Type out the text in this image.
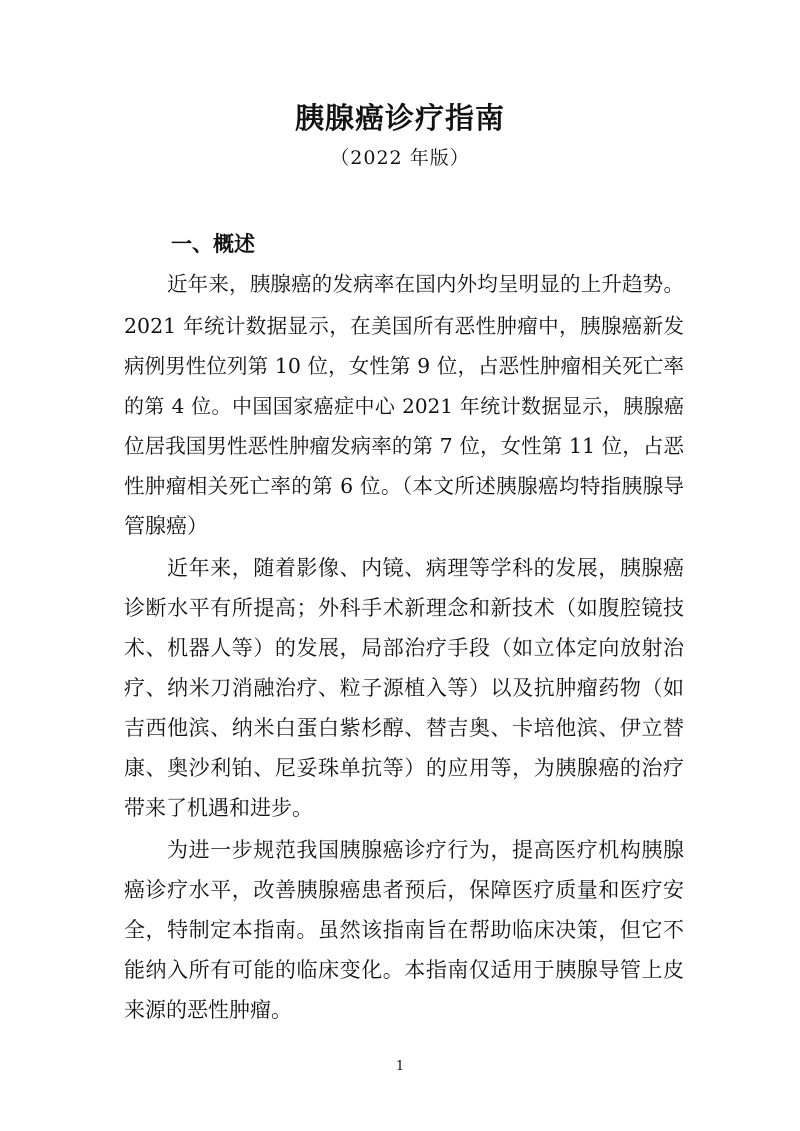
胰腺癌诊疗指南
（2022 年版）
一、概述
近年来，胰腺癌的发病率在国内外均呈明显的上升趋势。
2021 年统计数据显示，在美国所有恶性肿瘤中，胰腺癌新发
病例男性位列第 10 位，女性第 9 位，占恶性肿瘤相关死亡率
的第 4 位。中国国家癌症中心 2021 年统计数据显示，胰腺癌
位居我国男性恶性肿瘤发病率的第 7 位，女性第 11 位，占恶
性肿瘤相关死亡率的第 6 位。（本文所述胰腺癌均特指胰腺导
管腺癌）
近年来，随着影像、内镜、病理等学科的发展，胰腺癌
诊断水平有所提高；外科手术新理念和新技术（如腹腔镜技
术、机器人等）的发展，局部治疗手段（如立体定向放射治
疗、纳米刀消融治疗、粒子源植入等）以及抗肿瘤药物（如
吉西他滨、纳米白蛋白紫杉醇、替吉奥、卡培他滨、伊立替
康、奥沙利铂、尼妥珠单抗等）的应用等，为胰腺癌的治疗
带来了机遇和进步。
为进一步规范我国胰腺癌诊疗行为，提高医疗机构胰腺
癌诊疗水平，改善胰腺癌患者预后，保障医疗质量和医疗安
全，特制定本指南。虽然该指南旨在帮助临床决策，但它不
能纳入所有可能的临床变化。本指南仅适用于胰腺导管上皮
来源的恶性肿瘤。
1
